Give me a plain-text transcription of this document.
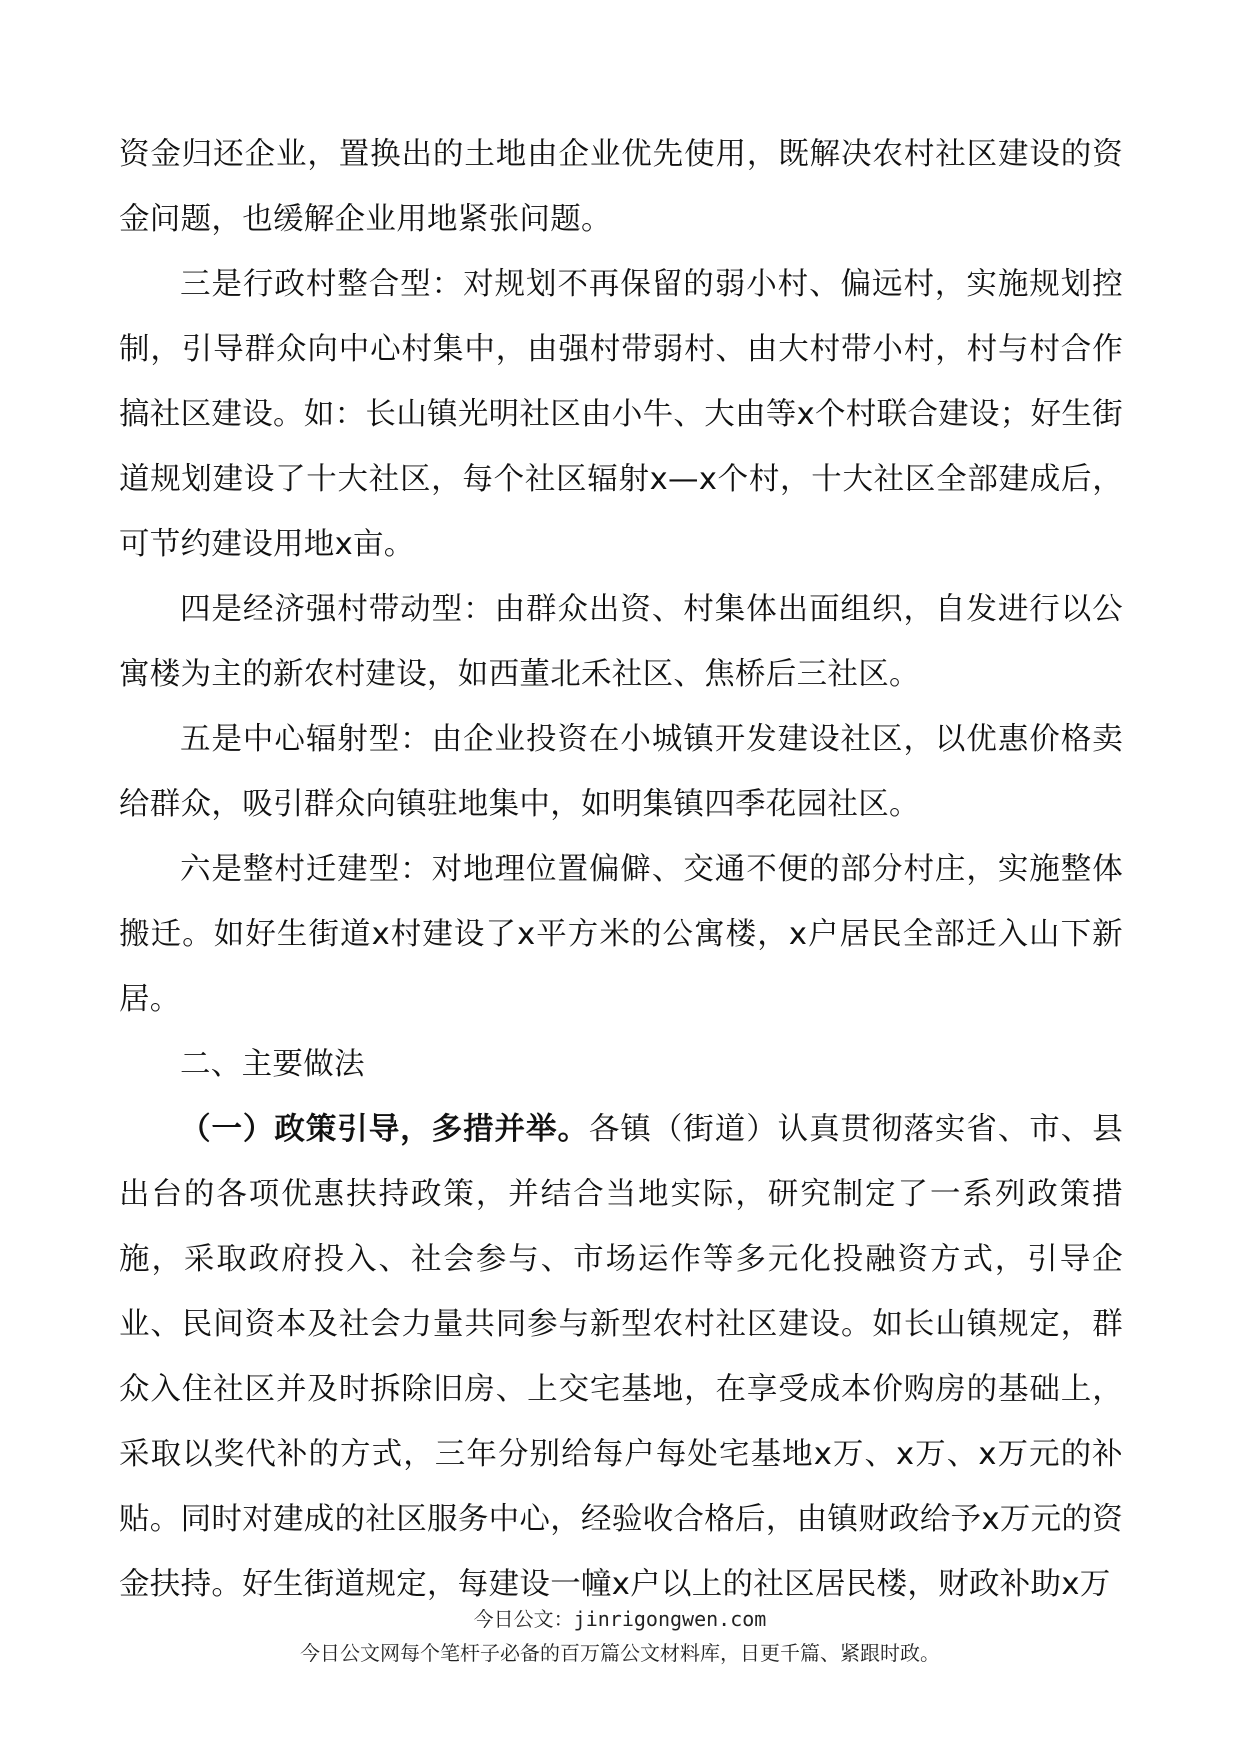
资金归还企业，置换出的土地由企业优先使用，既解决农村社区建设的资金问题，也缓解企业用地紧张问题。

三是行政村整合型：对规划不再保留的弱小村、偏远村，实施规划控制，引导群众向中心村集中，由强村带弱村、由大村带小村，村与村合作搞社区建设。如：长山镇光明社区由小牛、大由等x个村联合建设；好生街道规划建设了十大社区，每个社区辐射x—x个村，十大社区全部建成后，可节约建设用地x亩。

四是经济强村带动型：由群众出资、村集体出面组织，自发进行以公寓楼为主的新农村建设，如西董北禾社区、焦桥后三社区。

五是中心辐射型：由企业投资在小城镇开发建设社区，以优惠价格卖给群众，吸引群众向镇驻地集中，如明集镇四季花园社区。

六是整村迁建型：对地理位置偏僻、交通不便的部分村庄，实施整体搬迁。如好生街道x村建设了x平方米的公寓楼，x户居民全部迁入山下新居。

二、主要做法

（一）政策引导，多措并举。各镇（街道）认真贯彻落实省、市、县出台的各项优惠扶持政策，并结合当地实际，研究制定了一系列政策措施，采取政府投入、社会参与、市场运作等多元化投融资方式，引导企业、民间资本及社会力量共同参与新型农村社区建设。如长山镇规定，群众入住社区并及时拆除旧房、上交宅基地，在享受成本价购房的基础上，采取以奖代补的方式，三年分别给每户每处宅基地x万、x万、x万元的补贴。同时对建成的社区服务中心，经验收合格后，由镇财政给予x万元的资金扶持。好生街道规定，每建设一幢x户以上的社区居民楼，财政补助x万

今日公文：jinrigongwen.com
今日公文网每个笔杆子必备的百万篇公文材料库，日更千篇、紧跟时政。
